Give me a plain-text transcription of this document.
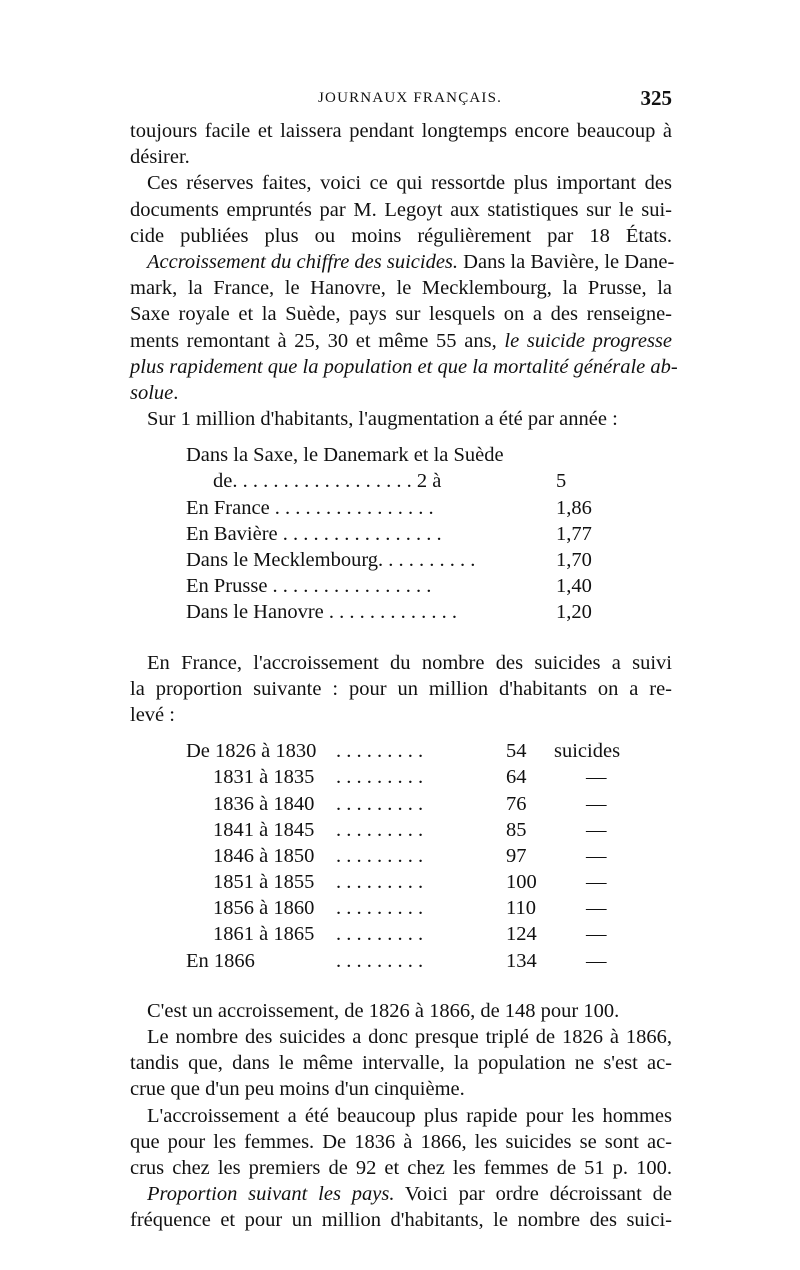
JOURNAUX FRANÇAIS.	325
toujours facile et laissera pendant longtemps encore beaucoup à
désirer.
Ces réserves faites, voici ce qui ressortde plus important des
documents empruntés par M. Legoyt aux statistiques sur le sui-
cide publiées plus ou moins régulièrement par 18 États.
Accroissement du chiffre des suicides. Dans la Bavière, le Dane-
mark, la France, le Hanovre, le Mecklembourg, la Prusse, la
Saxe royale et la Suède, pays sur lesquels on a des renseigne-
ments remontant à 25, 30 et même 55 ans, le suicide progresse
plus rapidement que la population et que la mortalité générale ab-
solue.
Sur 1 million d'habitants, l'augmentation a été par année :
Dans la Saxe, le Danemark et la Suède
de. . . . . . . . . . . . . . . . . . 2 à	5
En France . . . . . . . . . . . . . . . .	1,86
En Bavière . . . . . . . . . . . . . . . .	1,77
Dans le Mecklembourg. . . . . . . . . .	1,70
En Prusse . . . . . . . . . . . . . . . .	1,40
Dans le Hanovre . . . . . . . . . . . . .	1,20
En France, l'accroissement du nombre des suicides a suivi
la proportion suivante : pour un million d'habitants on a re-
levé :
De 1826 à 1830 . . . . . . . . .	54	suicides
1831 à 1835	. . . . . . . . .	64	—
1836 à 1840	. . . . . . . . .	76	—
1841 à 1845	. . . . . . . . .	85	—
1846 à 1850	. . . . . . . . .	97	—
1851 à 1855	. . . . . . . . .	100	—
1856 à 1860	. . . . . . . . .	110	—
1861 à 1865	. . . . . . . . .	124	—
En 1866	. . . . . . . . .	134	—
C'est un accroissement, de 1826 à 1866, de 148 pour 100.
Le nombre des suicides a donc presque triplé de 1826 à 1866,
tandis que, dans le même intervalle, la population ne s'est ac-
crue que d'un peu moins d'un cinquième.
L'accroissement a été beaucoup plus rapide pour les hommes
que pour les femmes. De 1836 à 1866, les suicides se sont ac-
crus chez les premiers de 92 et chez les femmes de 51 p. 100.
Proportion suivant les pays. Voici par ordre décroissant de
fréquence et pour un million d'habitants, le nombre des suici-
